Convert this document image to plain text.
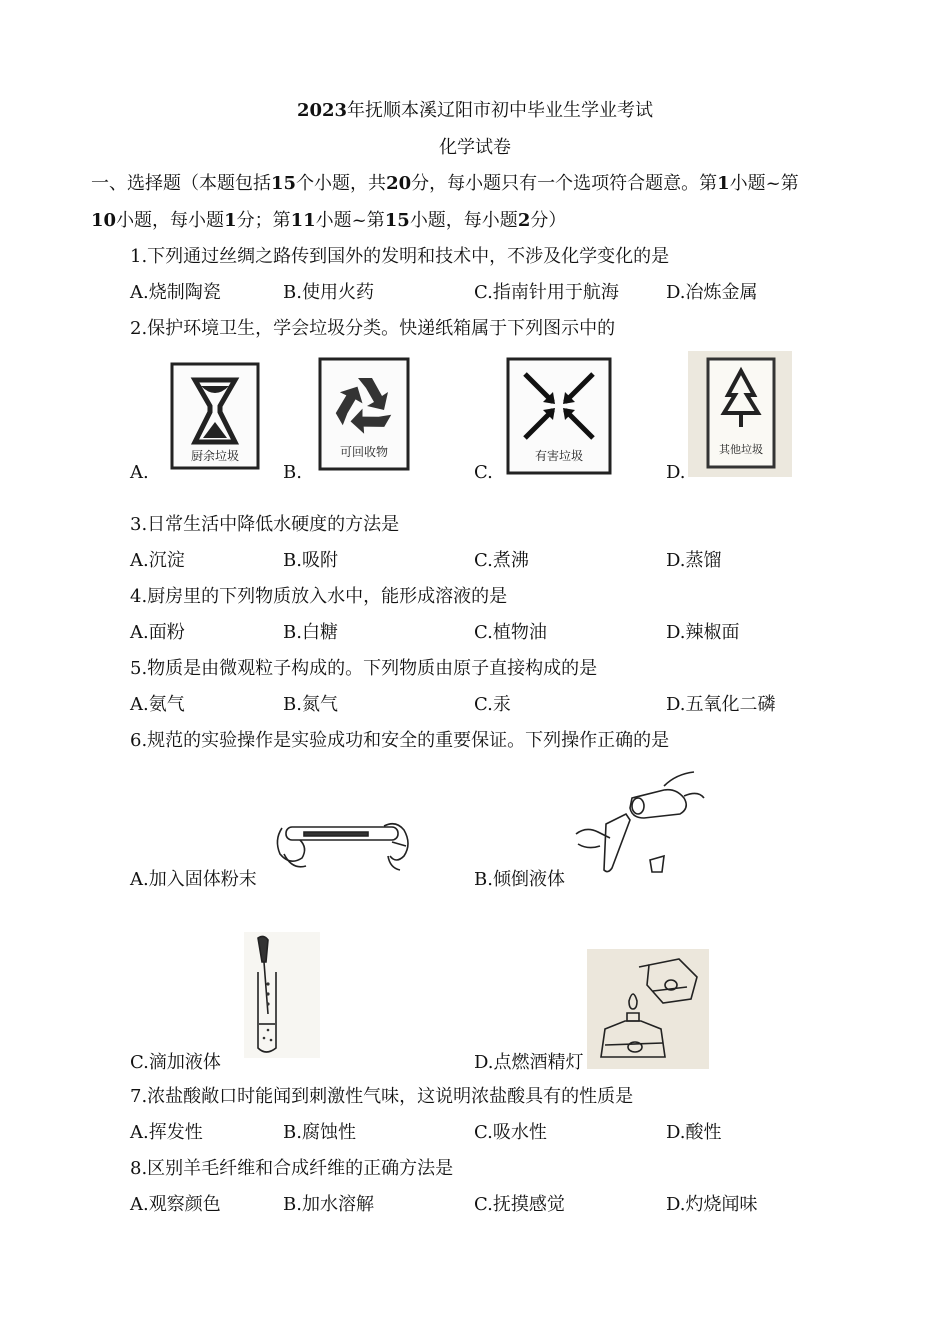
2023年抚顺本溪辽阳市初中毕业生学业考试
化学试卷
一、选择题（本题包括15个小题，共20分，每小题只有一个选项符合题意。第1小题~第
10小题，每小题1分；第11小题~第15小题，每小题2分）
1.下列通过丝绸之路传到国外的发明和技术中，不涉及化学变化的是
A.烧制陶瓷	B.使用火药	C.指南针用于航海	D.冶炼金属
2.保护环境卫生，学会垃圾分类。快递纸箱属于下列图示中的
厨余垃圾	可回收物	有害垃圾	其他垃圾
A.	B.	C.	D.
3.日常生活中降低水硬度的方法是
A.沉淀	B.吸附	C.煮沸	D.蒸馏
4.厨房里的下列物质放入水中，能形成溶液的是
A.面粉	B.白糖	C.植物油	D.辣椒面
5.物质是由微观粒子构成的。下列物质由原子直接构成的是
A.氨气	B.氮气	C.汞	D.五氧化二磷
6.规范的实验操作是实验成功和安全的重要保证。下列操作正确的是
A.加入固体粉末	B.倾倒液体
C.滴加液体	D.点燃酒精灯
7.浓盐酸敞口时能闻到刺激性气味，这说明浓盐酸具有的性质是
A.挥发性	B.腐蚀性	C.吸水性	D.酸性
8.区别羊毛纤维和合成纤维的正确方法是
A.观察颜色	B.加水溶解	C.抚摸感觉	D.灼烧闻味
